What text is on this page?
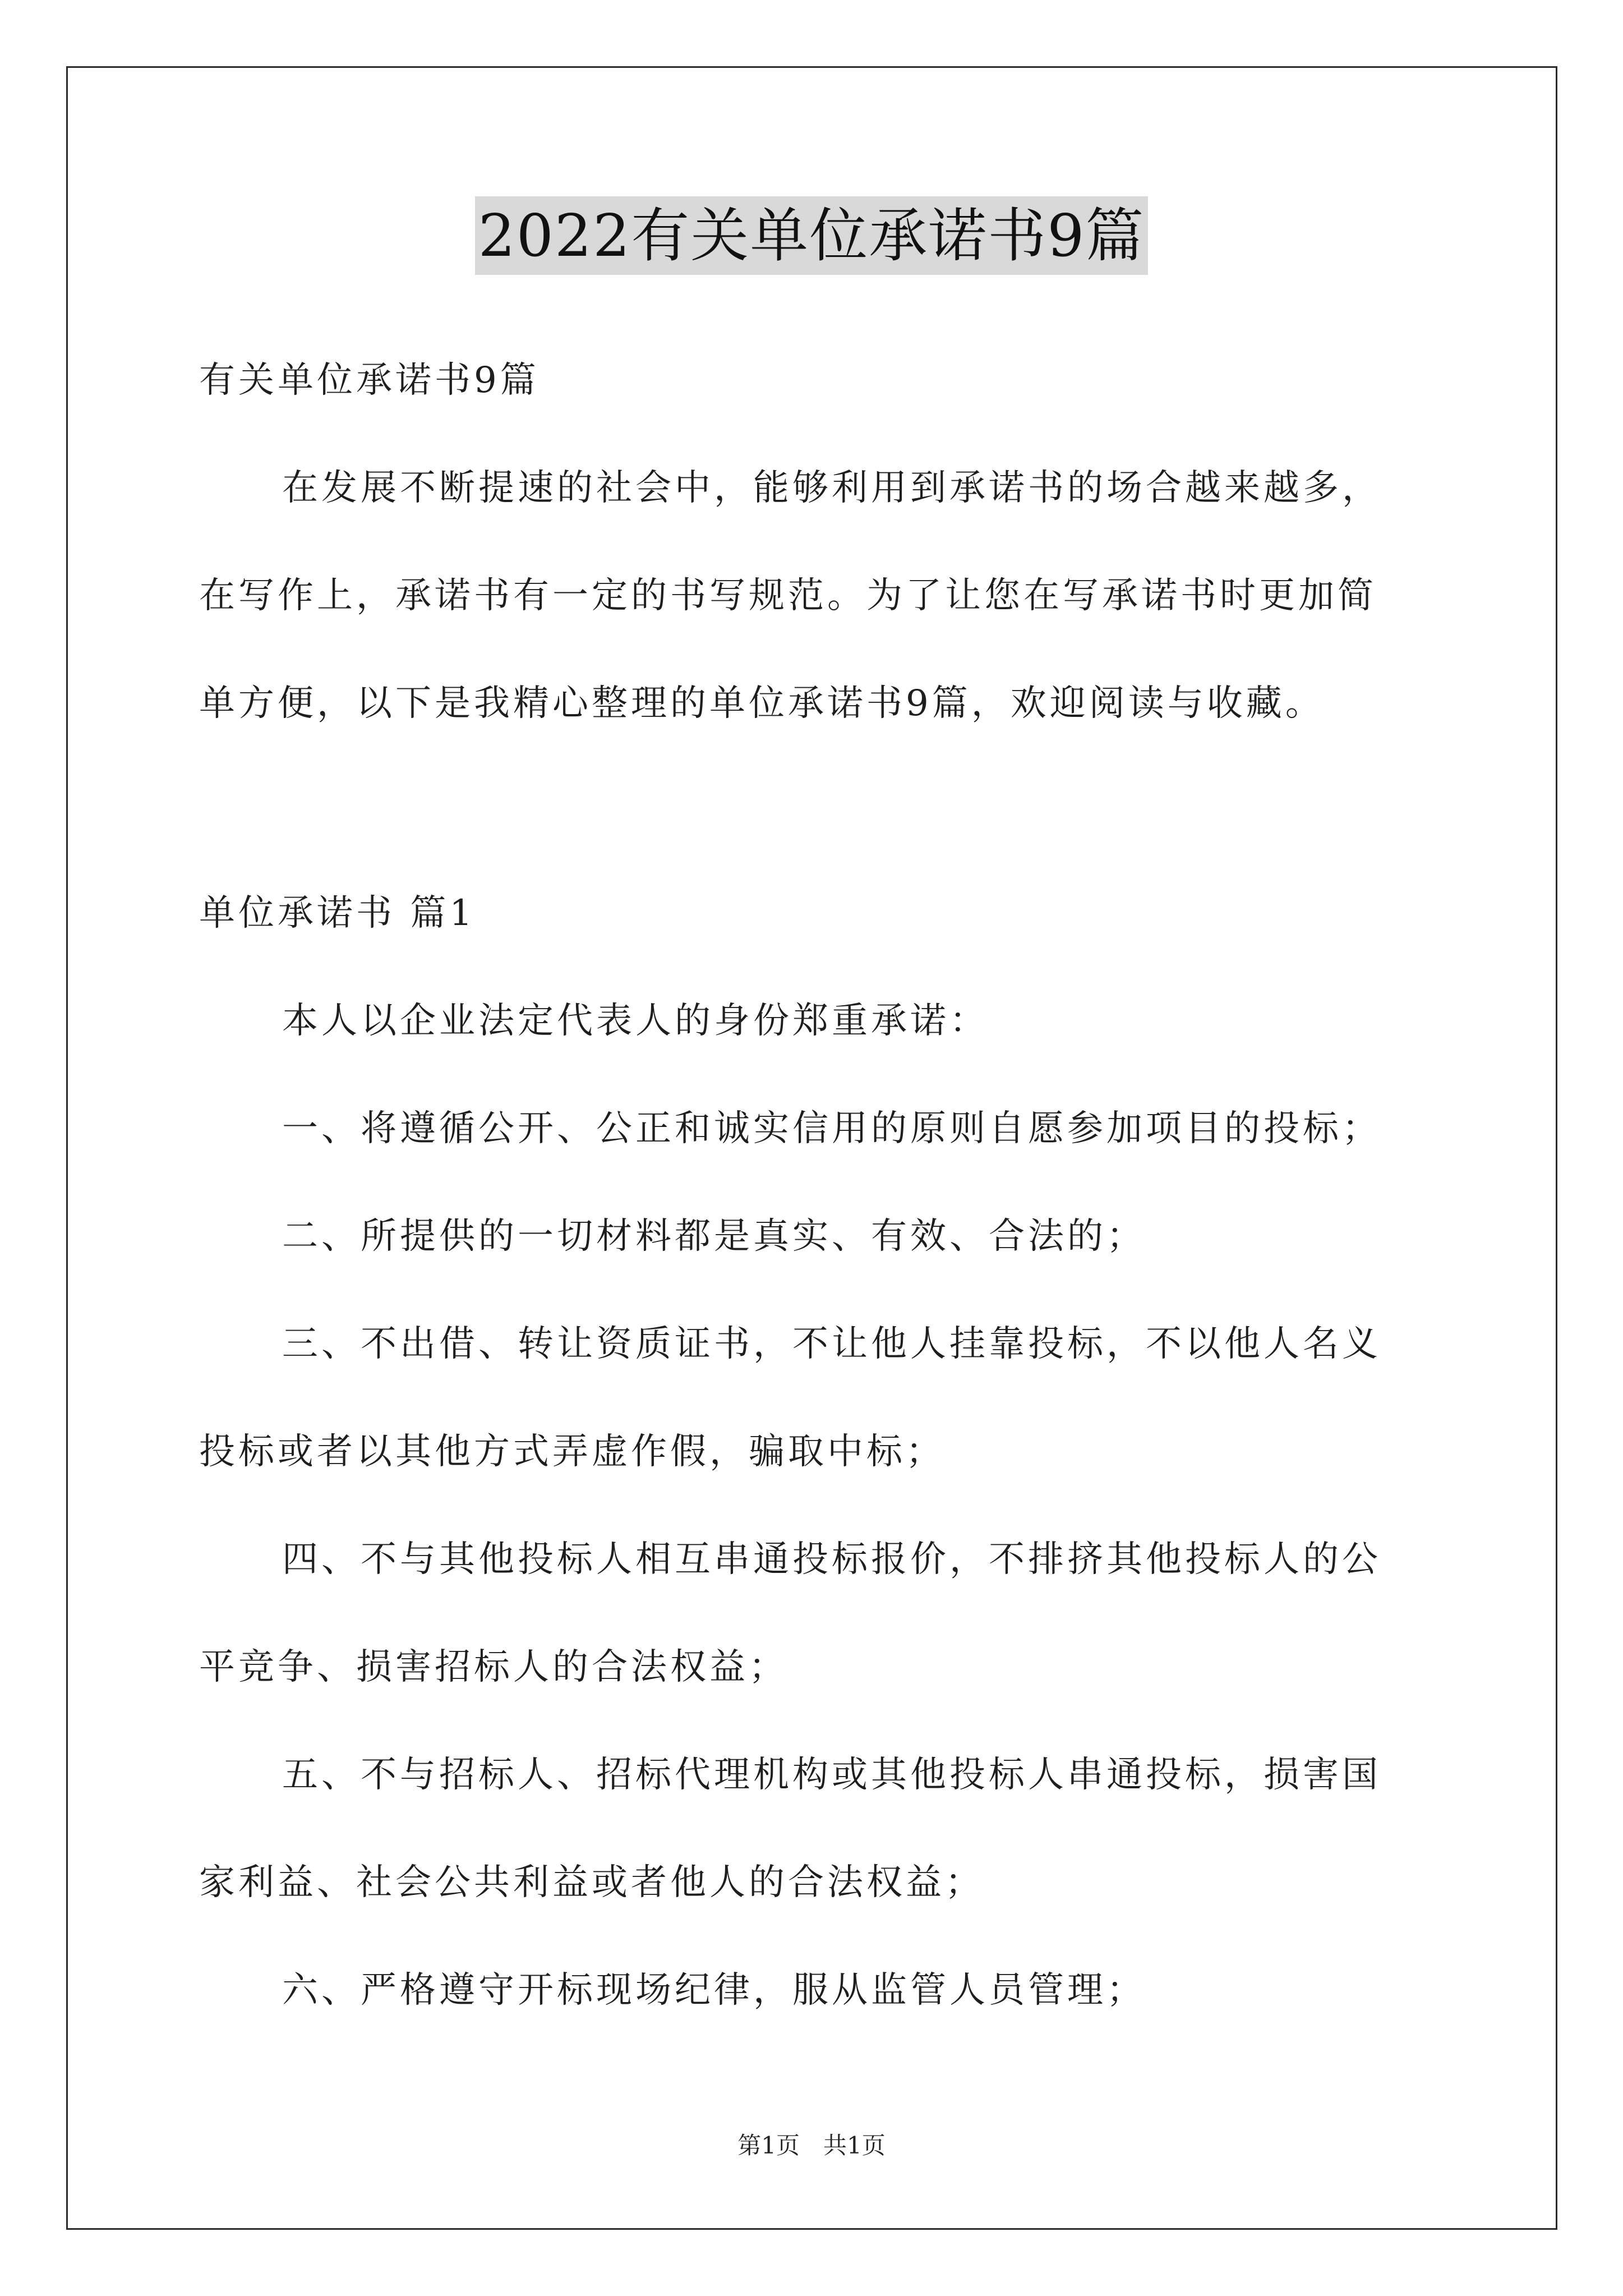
2022有关单位承诺书9篇
有关单位承诺书9篇
在发展不断提速的社会中，能够利用到承诺书的场合越来越多，
在写作上，承诺书有一定的书写规范。为了让您在写承诺书时更加简
单方便，以下是我精心整理的单位承诺书9篇，欢迎阅读与收藏。
单位承诺书 篇1
本人以企业法定代表人的身份郑重承诺：
一、将遵循公开、公正和诚实信用的原则自愿参加项目的投标；
二、所提供的一切材料都是真实、有效、合法的；
三、不出借、转让资质证书，不让他人挂靠投标，不以他人名义
投标或者以其他方式弄虚作假，骗取中标；
四、不与其他投标人相互串通投标报价，不排挤其他投标人的公
平竞争、损害招标人的合法权益；
五、不与招标人、招标代理机构或其他投标人串通投标，损害国
家利益、社会公共利益或者他人的合法权益；
六、严格遵守开标现场纪律，服从监管人员管理；
第1页 共1页
